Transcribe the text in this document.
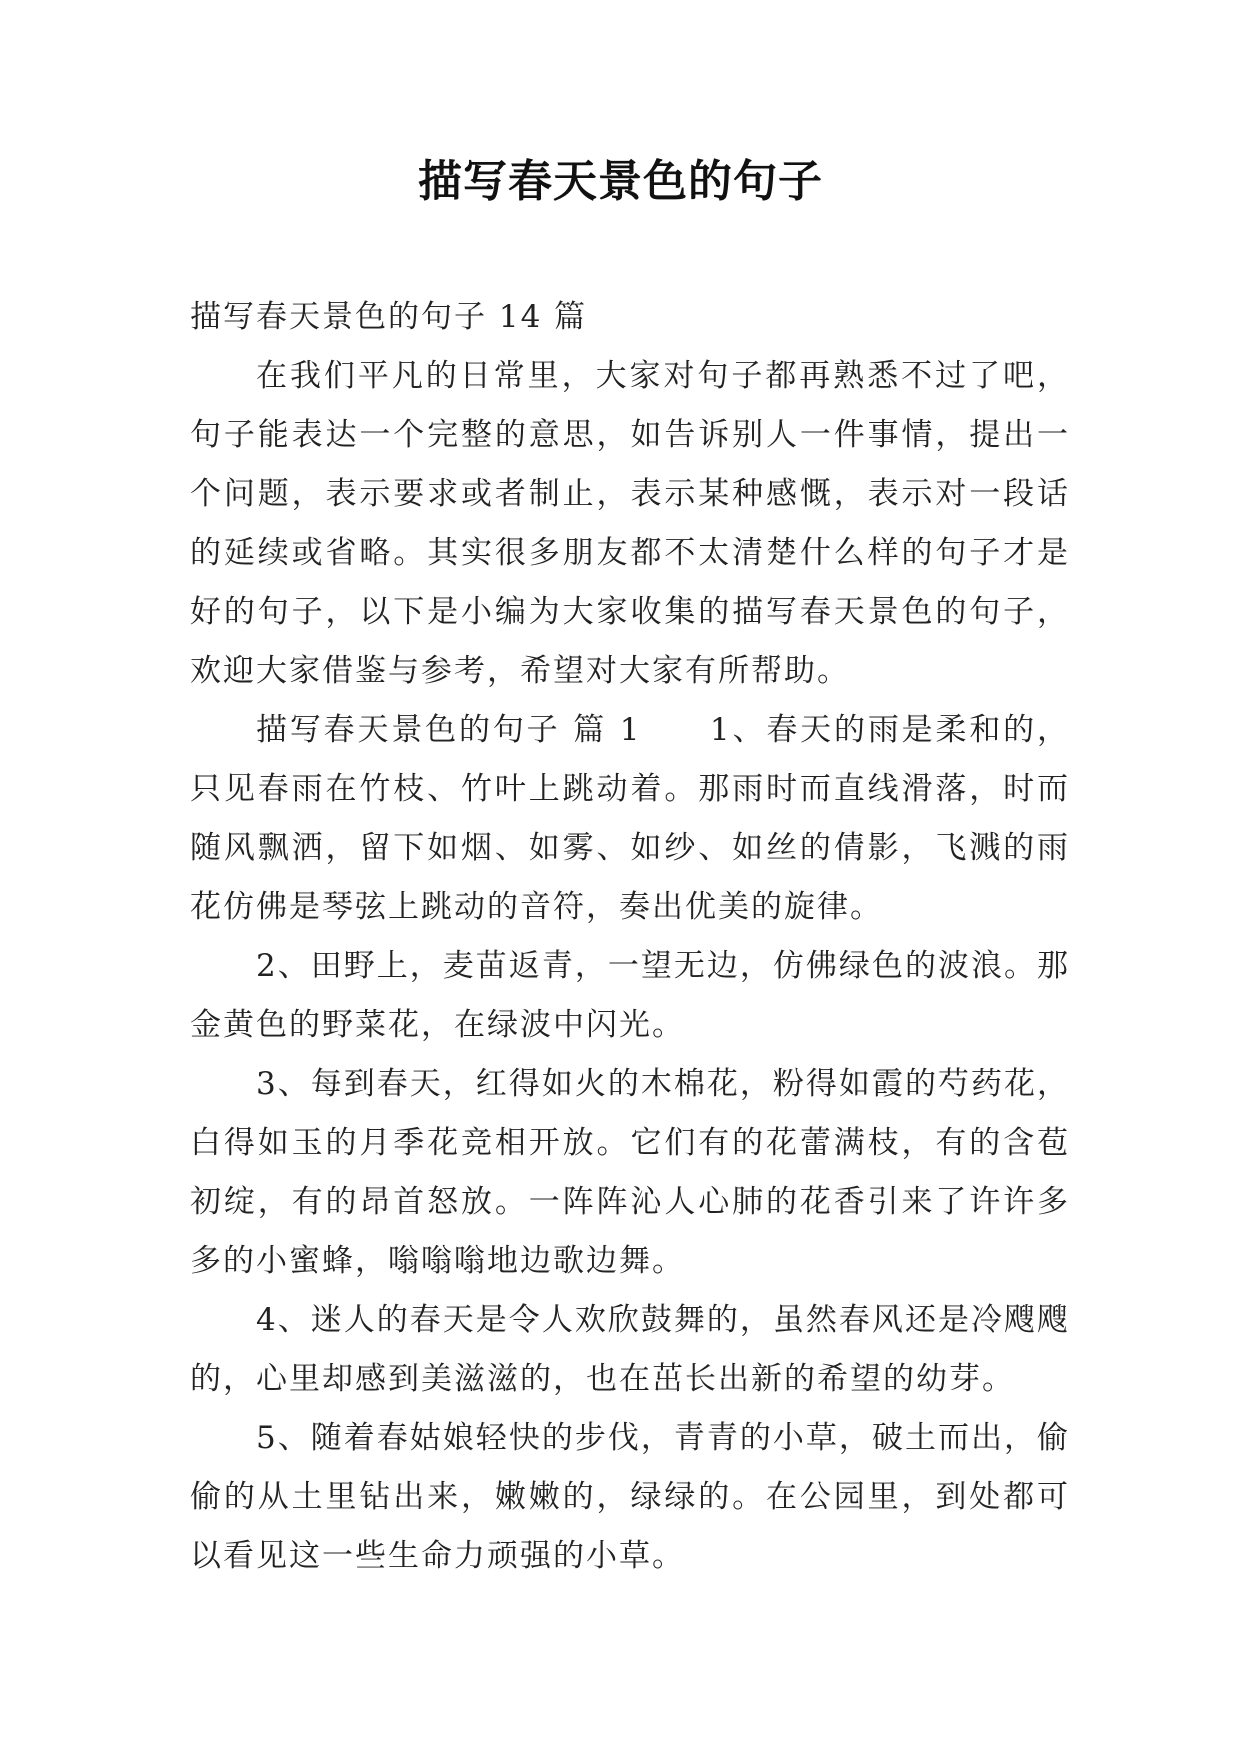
描写春天景色的句子

描写春天景色的句子 14 篇

在我们平凡的日常里，大家对句子都再熟悉不过了吧，句子能表达一个完整的意思，如告诉别人一件事情，提出一个问题，表示要求或者制止，表示某种感慨，表示对一段话的延续或省略。其实很多朋友都不太清楚什么样的句子才是好的句子，以下是小编为大家收集的描写春天景色的句子，欢迎大家借鉴与参考，希望对大家有所帮助。

描写春天景色的句子 篇 1　　1、春天的雨是柔和的，只见春雨在竹枝、竹叶上跳动着。那雨时而直线滑落，时而随风飘洒，留下如烟、如雾、如纱、如丝的倩影，飞溅的雨花仿佛是琴弦上跳动的音符，奏出优美的旋律。

2、田野上，麦苗返青，一望无边，仿佛绿色的波浪。那金黄色的野菜花，在绿波中闪光。

3、每到春天，红得如火的木棉花，粉得如霞的芍药花，白得如玉的月季花竞相开放。它们有的花蕾满枝，有的含苞初绽，有的昂首怒放。一阵阵沁人心肺的花香引来了许许多多的小蜜蜂，嗡嗡嗡地边歌边舞。

4、迷人的春天是令人欢欣鼓舞的，虽然春风还是冷飕飕的，心里却感到美滋滋的，也在茁长出新的希望的幼芽。

5、随着春姑娘轻快的步伐，青青的小草，破土而出，偷偷的从土里钻出来，嫩嫩的，绿绿的。在公园里，到处都可以看见这一些生命力顽强的小草。
